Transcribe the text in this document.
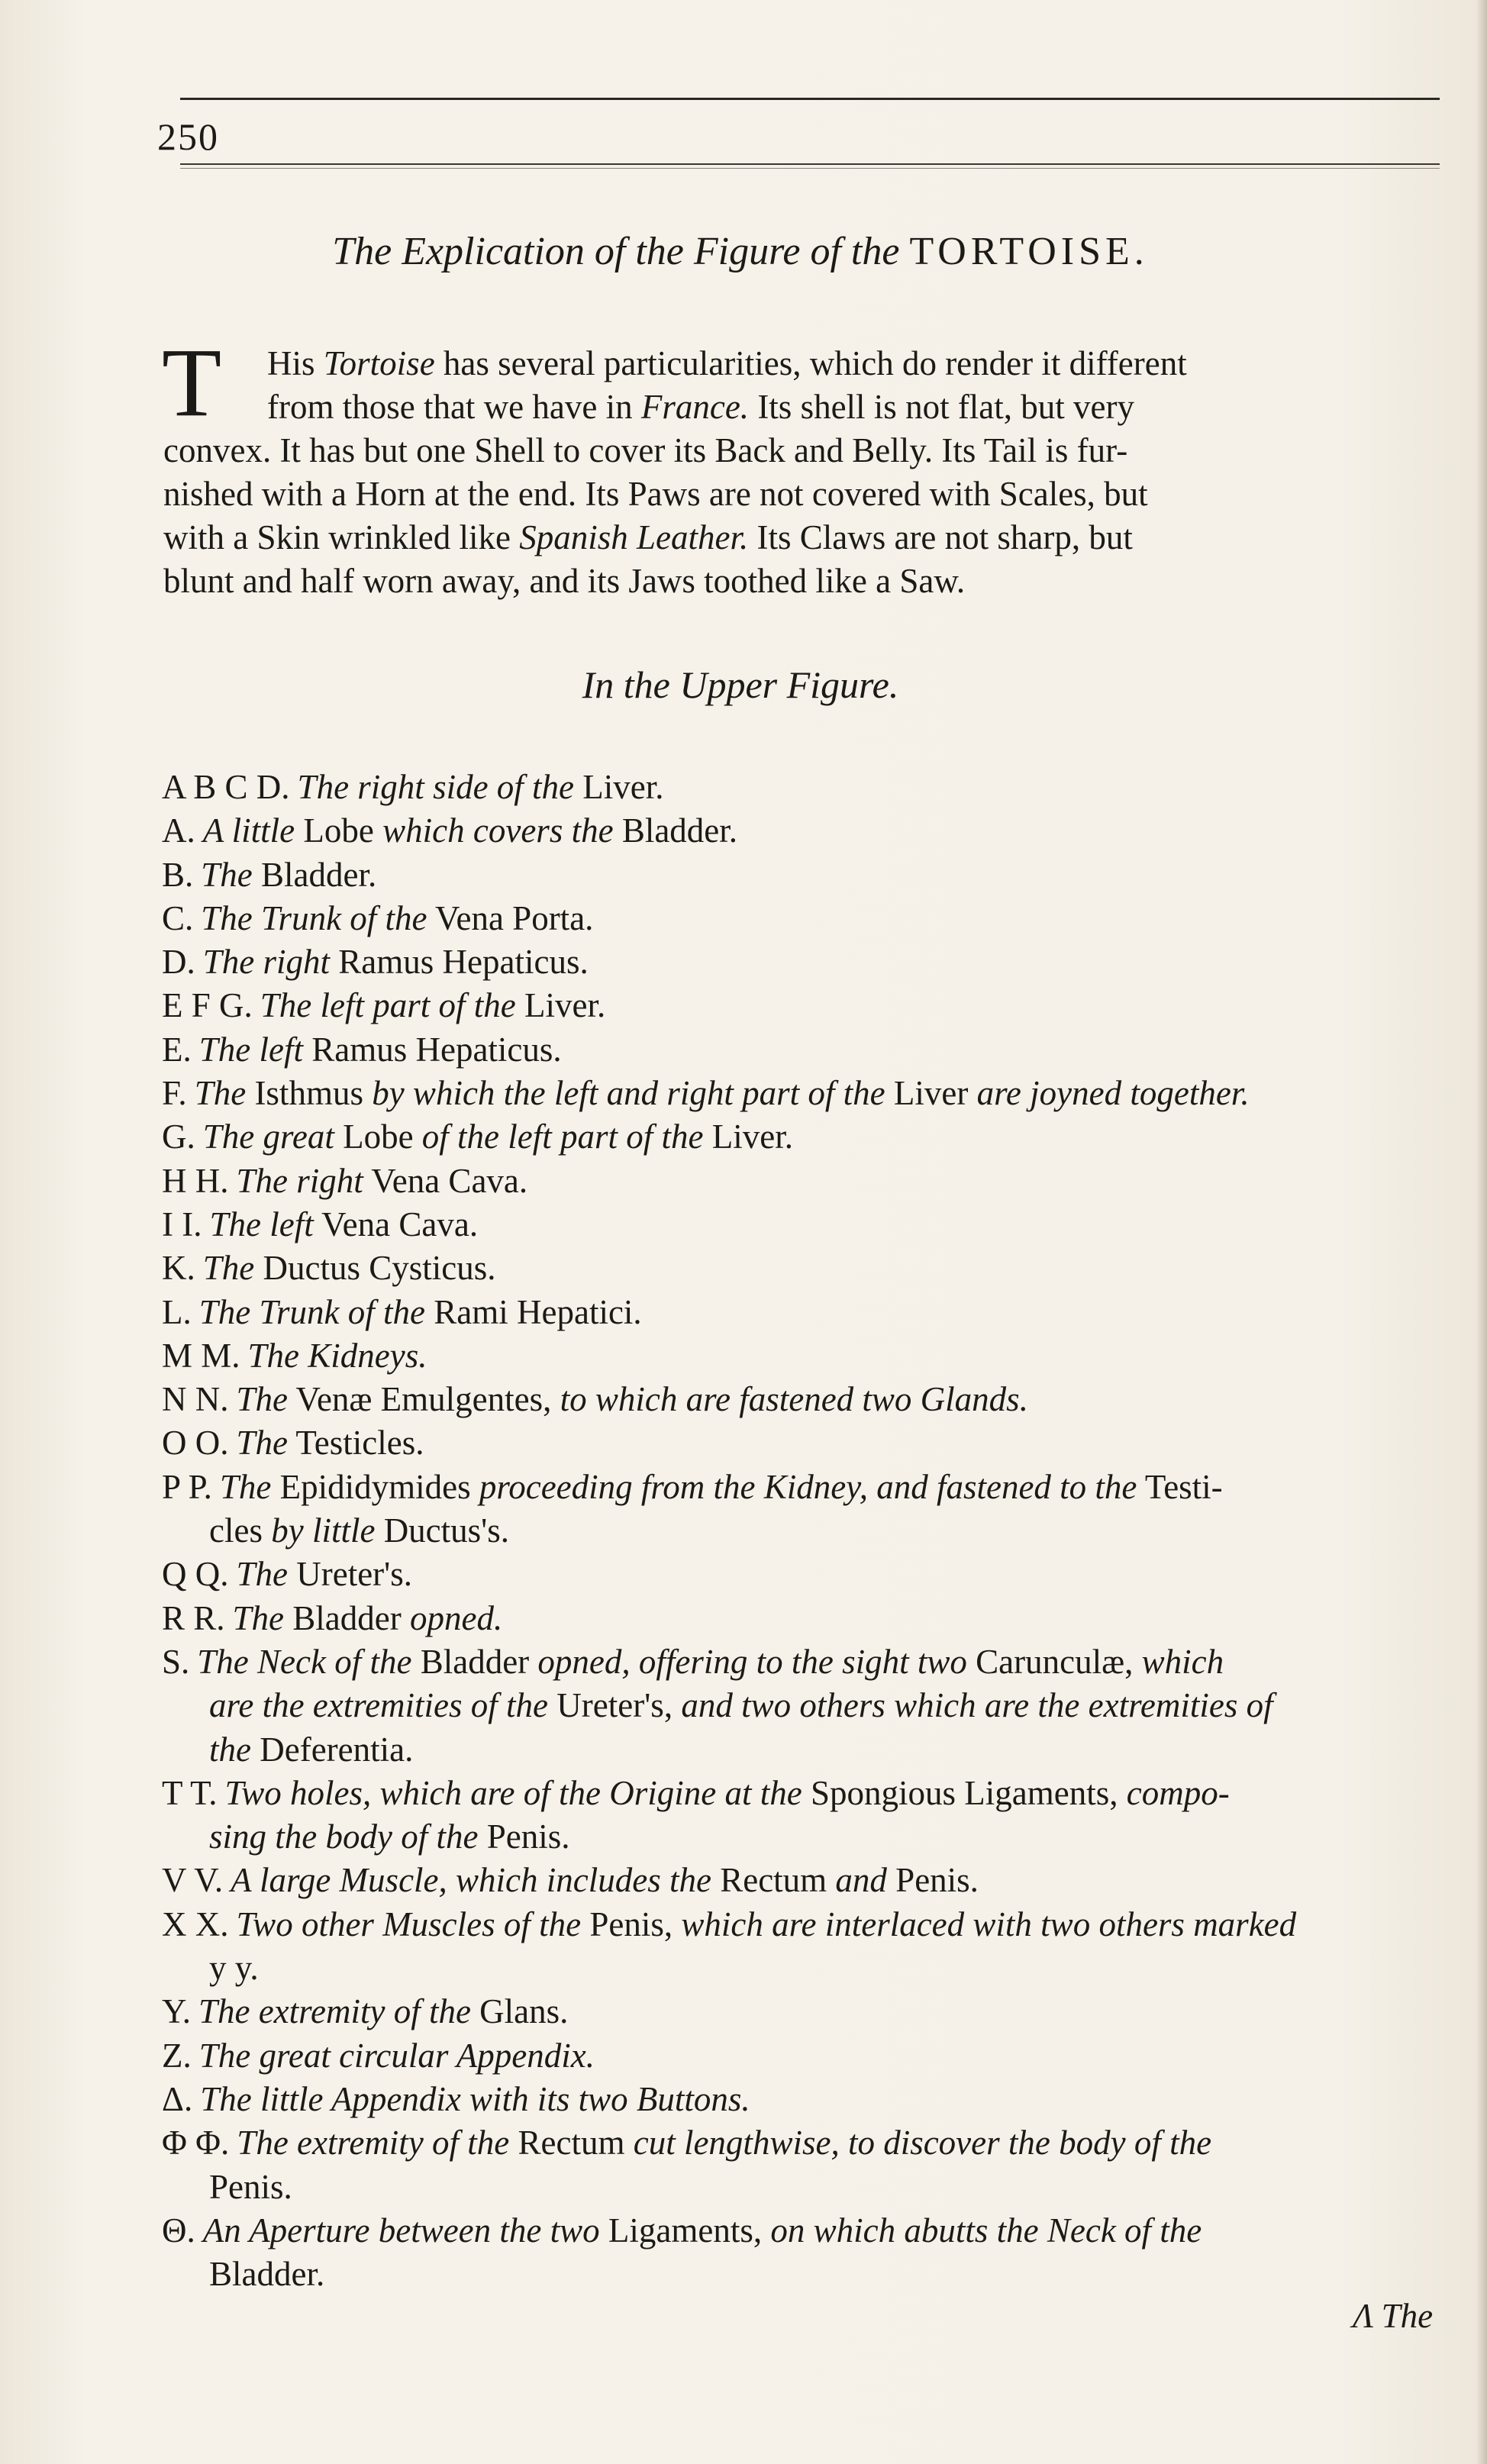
250
The Explication of the Figure of the TORTOISE.
T	His Tortoise has several particularities, which do render it different
from those that we have in France. Its shell is not flat, but very
convex. It has but one Shell to cover its Back and Belly. Its Tail is fur-
nished with a Horn at the end. Its Paws are not covered with Scales, but
with a Skin wrinkled like Spanish Leather. Its Claws are not sharp, but
blunt and half worn away, and its Jaws toothed like a Saw.
In the Upper Figure.
A B C D. The right side of the Liver.
A. A little Lobe which covers the Bladder.
B. The Bladder.
C. The Trunk of the Vena Porta.
D. The right Ramus Hepaticus.
E F G. The left part of the Liver.
E. The left Ramus Hepaticus.
F. The Isthmus by which the left and right part of the Liver are joyned together.
G. The great Lobe of the left part of the Liver.
H H. The right Vena Cava.
I I. The left Vena Cava.
K. The Ductus Cysticus.
L. The Trunk of the Rami Hepatici.
M M. The Kidneys.
N N. The Venæ Emulgentes, to which are fastened two Glands.
O O. The Testicles.
P P. The Epididymides proceeding from the Kidney, and fastened to the Testi-
cles by little Ductus's.
Q Q. The Ureter's.
R R. The Bladder opned.
S. The Neck of the Bladder opned, offering to the sight two Carunculæ, which
are the extremities of the Ureter's, and two others which are the extremities of
the Deferentia.
T T. Two holes, which are of the Origine at the Spongious Ligaments, compo-
sing the body of the Penis.
V V. A large Muscle, which includes the Rectum and Penis.
X X. Two other Muscles of the Penis, which are interlaced with two others marked
y y.
Y. The extremity of the Glans.
Z. The great circular Appendix.
Δ. The little Appendix with its two Buttons.
Φ Φ. The extremity of the Rectum cut lengthwise, to discover the body of the
Penis.
Θ. An Aperture between the two Ligaments, on which abutts the Neck of the
Bladder.
Λ The
